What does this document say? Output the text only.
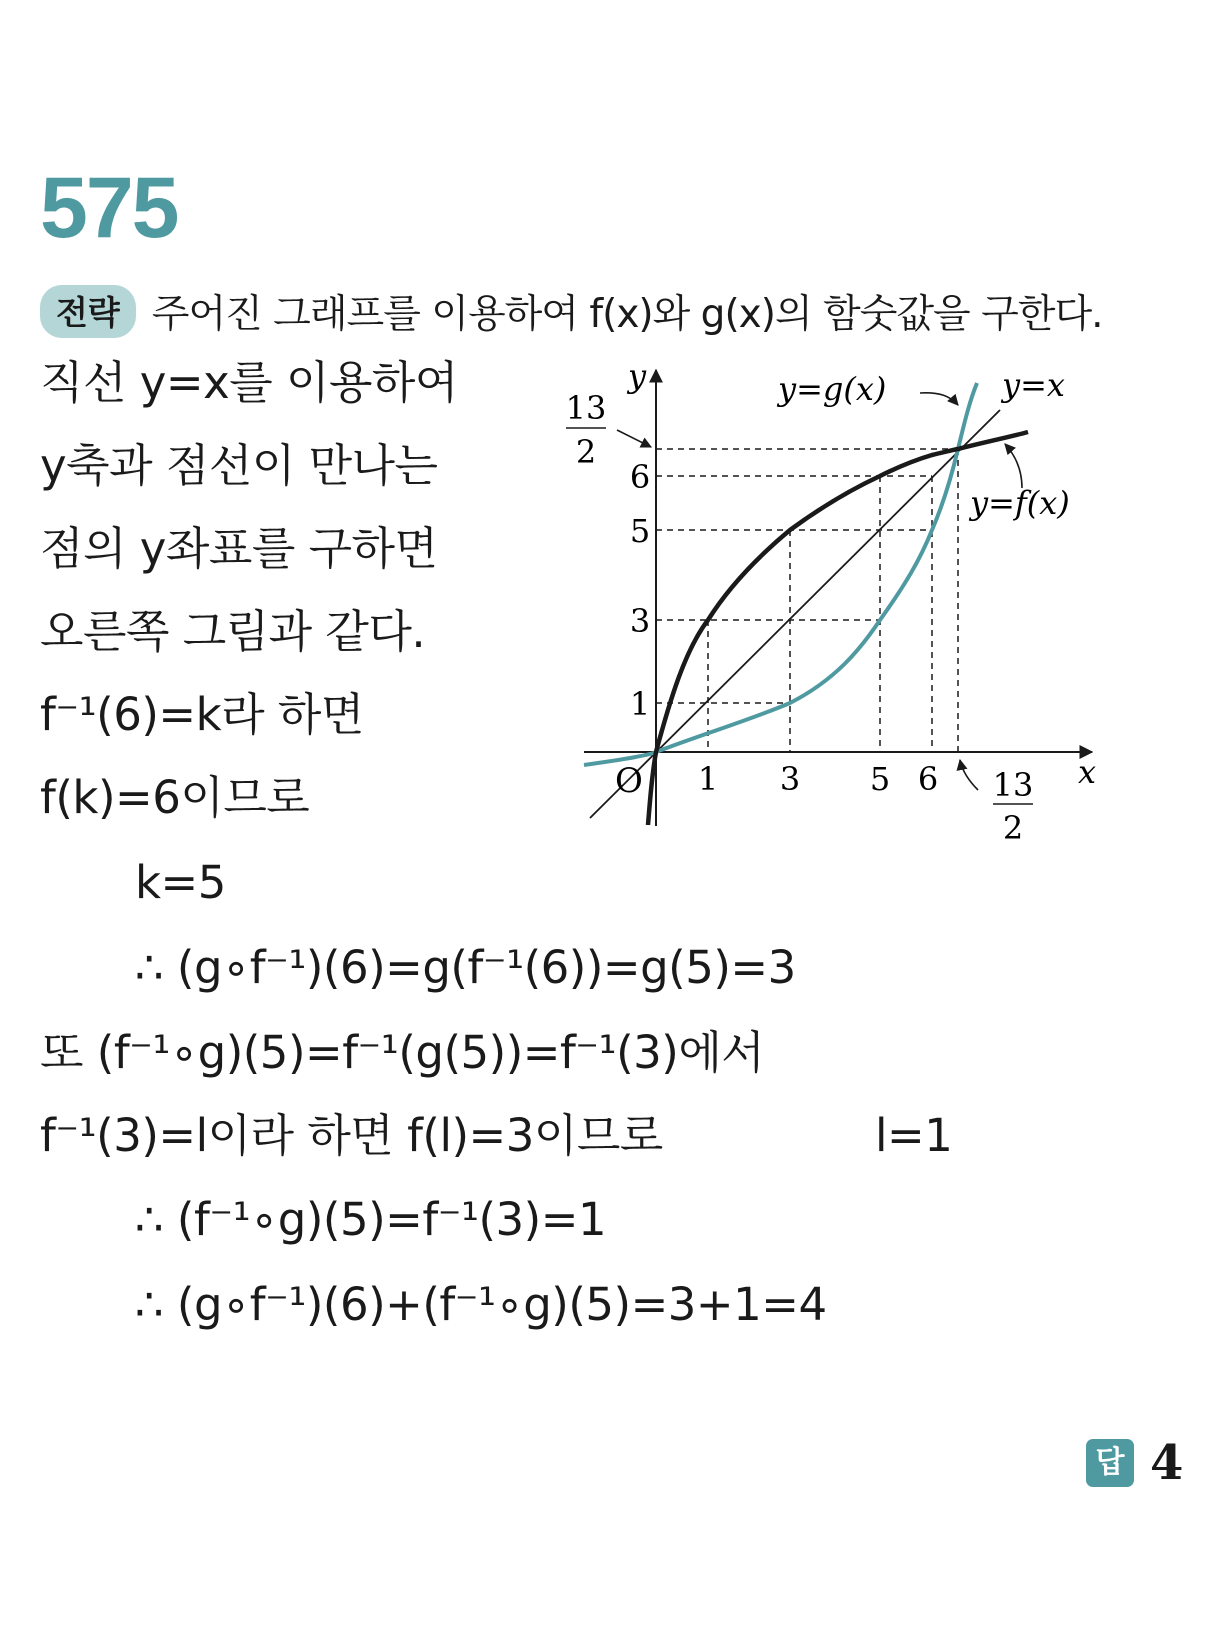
575
전략 주어진 그래프를 이용하여 f(x)와 g(x)의 함숫값을 구한다.
직선 y=x를 이용하여
y축과 점선이 만나는
점의 y좌표를 구하면
오른쪽 그림과 같다.
f⁻¹(6)=k라 하면
f(k)=6이므로
k=5
∴ (g∘f⁻¹)(6)=g(f⁻¹(6))=g(5)=3
또 (f⁻¹∘g)(5)=f⁻¹(g(5))=f⁻¹(3)에서
f⁻¹(3)=l이라 하면 f(l)=3이므로	l=1
∴ (f⁻¹∘g)(5)=f⁻¹(3)=1
∴ (g∘f⁻¹)(6)+(f⁻¹∘g)(5)=3+1=4
답 4
x
y
O 1 3 5 6
1
3
5
6
13
2
13
2
y=g(x)	y=x
y=f(x)
